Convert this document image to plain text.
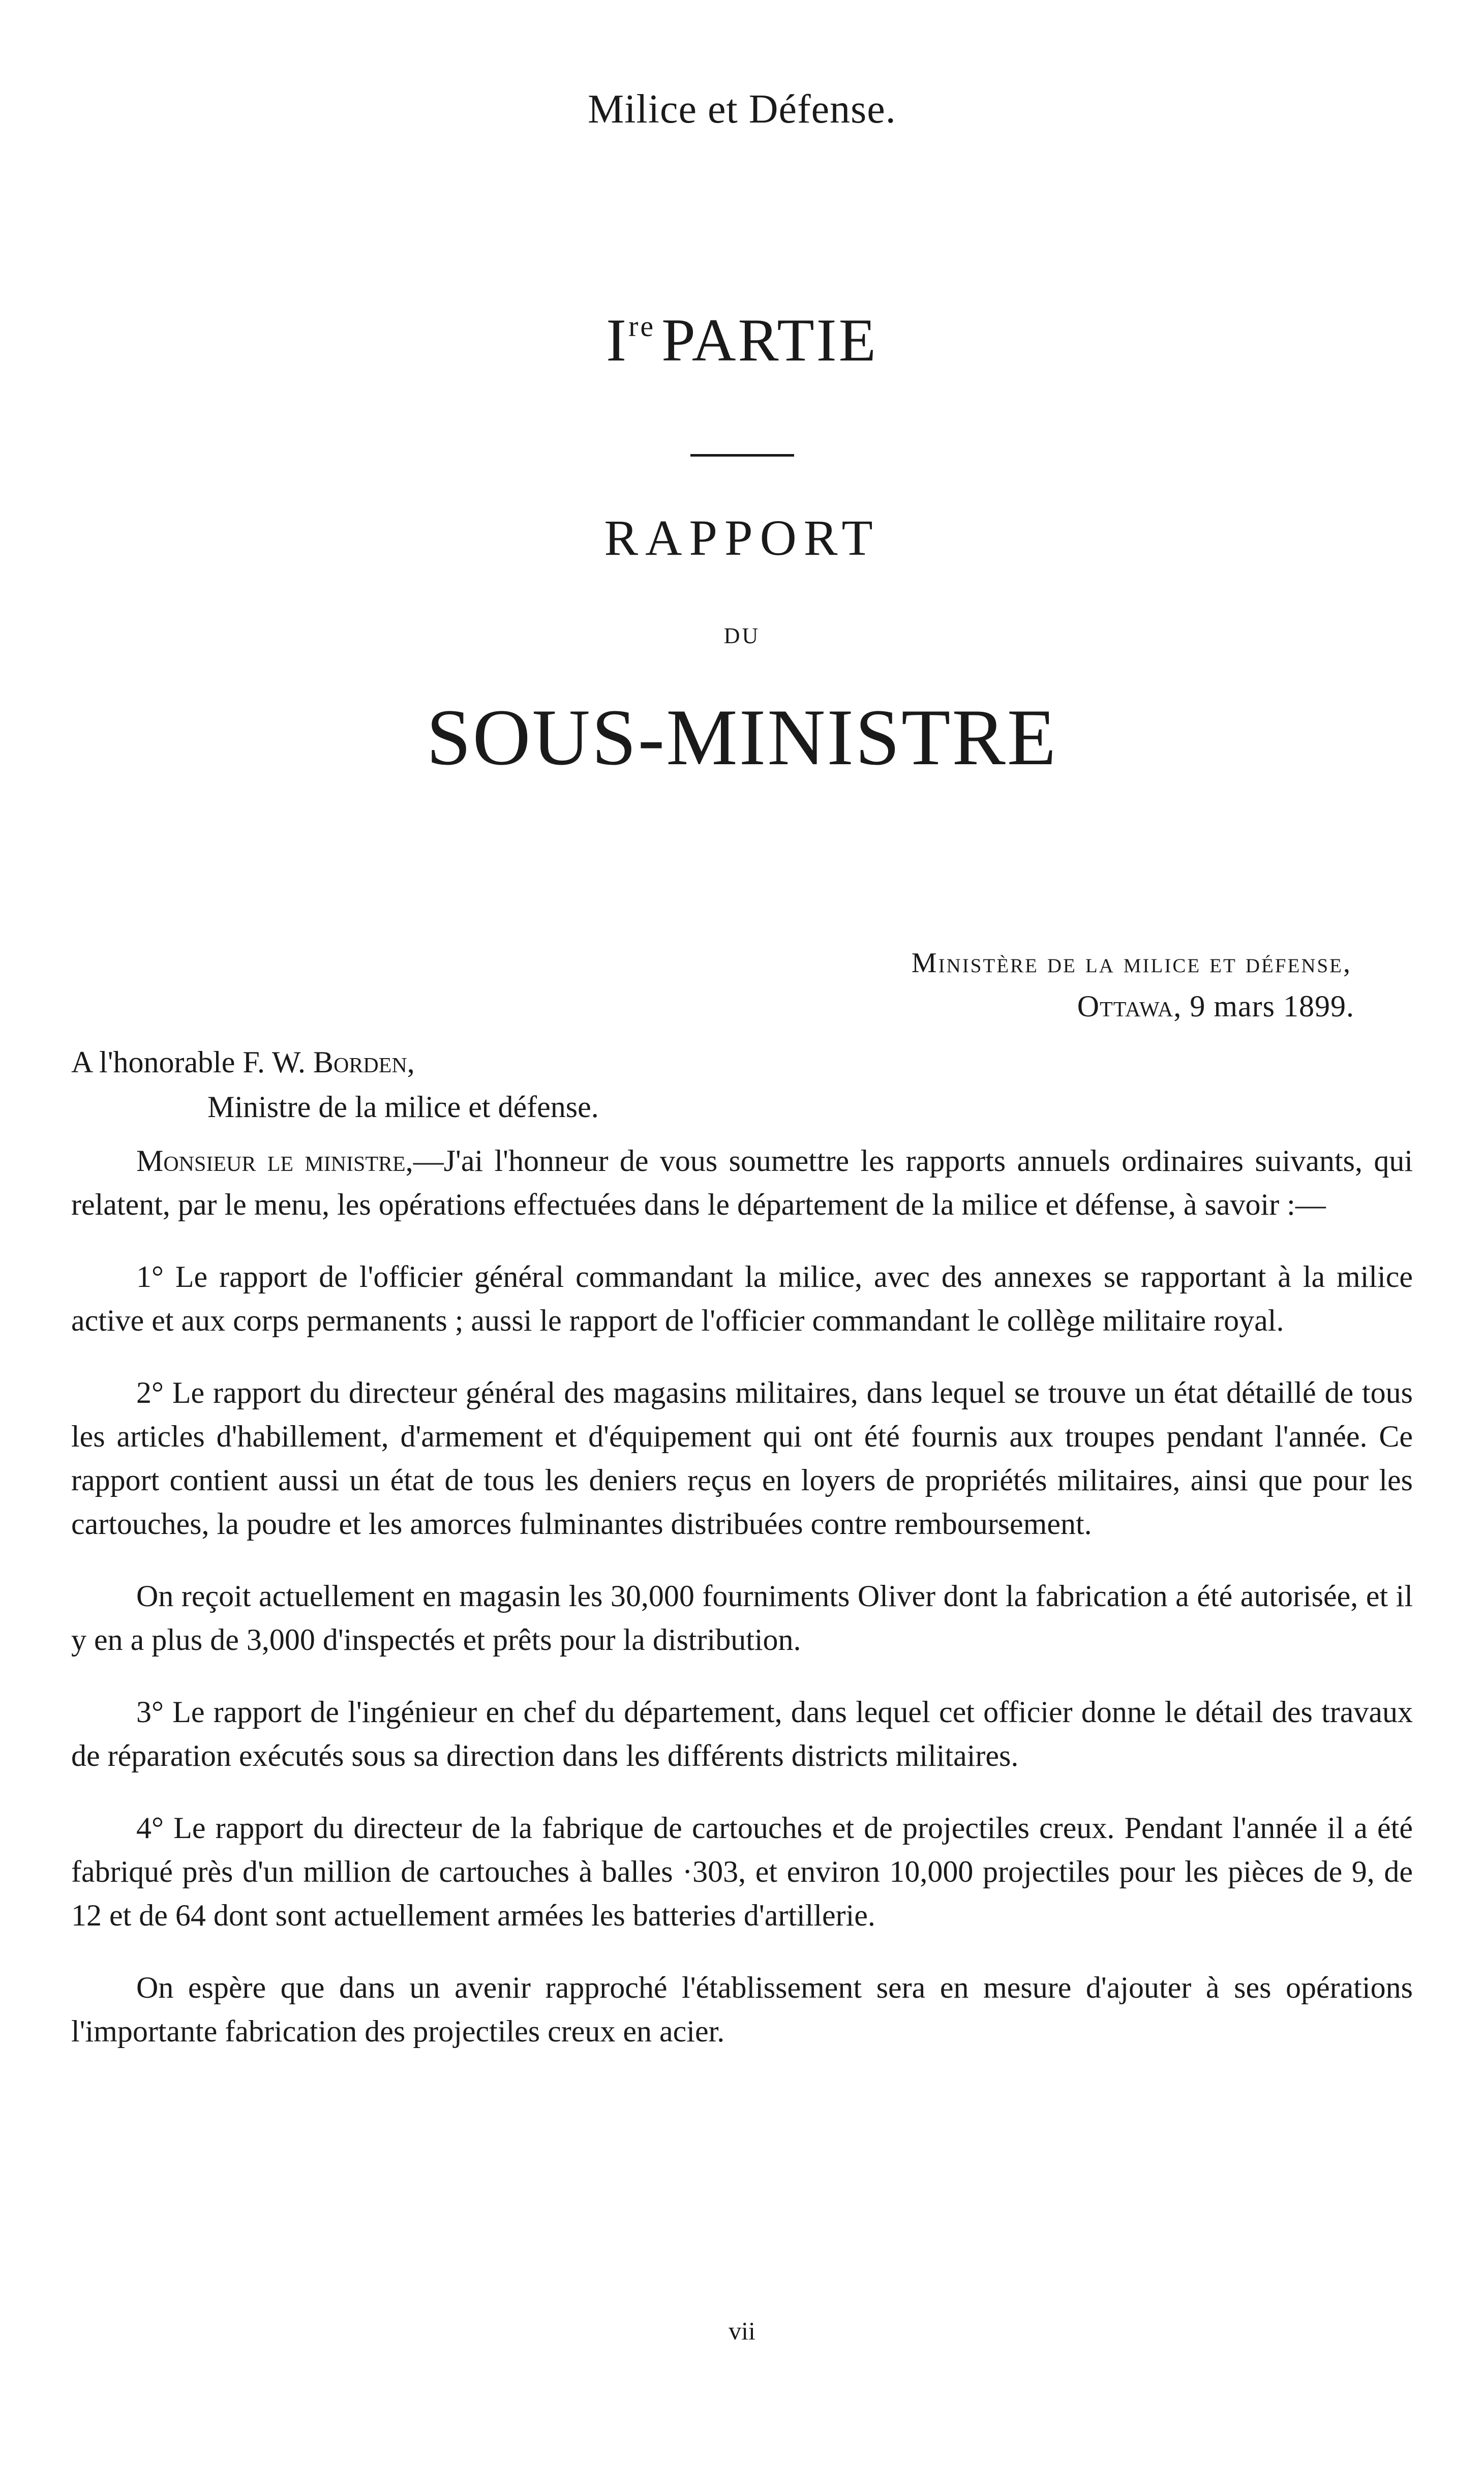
Milice et Défense.
Ire PARTIE
RAPPORT
DU
SOUS-MINISTRE
Ministère de la milice et défense,
Ottawa, 9 mars 1899.
A l'honorable F. W. Borden,
Ministre de la milice et défense.

Monsieur le ministre,—J'ai l'honneur de vous soumettre les rapports annuels ordinaires suivants, qui relatent, par le menu, les opérations effectuées dans le département de la milice et défense, à savoir :—

1° Le rapport de l'officier général commandant la milice, avec des annexes se rapportant à la milice active et aux corps permanents ; aussi le rapport de l'officier commandant le collège militaire royal.

2° Le rapport du directeur général des magasins militaires, dans lequel se trouve un état détaillé de tous les articles d'habillement, d'armement et d'équipement qui ont été fournis aux troupes pendant l'année. Ce rapport contient aussi un état de tous les deniers reçus en loyers de propriétés militaires, ainsi que pour les cartouches, la poudre et les amorces fulminantes distribuées contre remboursement.

On reçoit actuellement en magasin les 30,000 fourniments Oliver dont la fabrication a été autorisée, et il y en a plus de 3,000 d'inspectés et prêts pour la distribution.

3° Le rapport de l'ingénieur en chef du département, dans lequel cet officier donne le détail des travaux de réparation exécutés sous sa direction dans les différents districts militaires.

4° Le rapport du directeur de la fabrique de cartouches et de projectiles creux. Pendant l'année il a été fabriqué près d'un million de cartouches à balles ·303, et environ 10,000 projectiles pour les pièces de 9, de 12 et de 64 dont sont actuellement armées les batteries d'artillerie.

On espère que dans un avenir rapproché l'établissement sera en mesure d'ajouter à ses opérations l'importante fabrication des projectiles creux en acier.

vii
